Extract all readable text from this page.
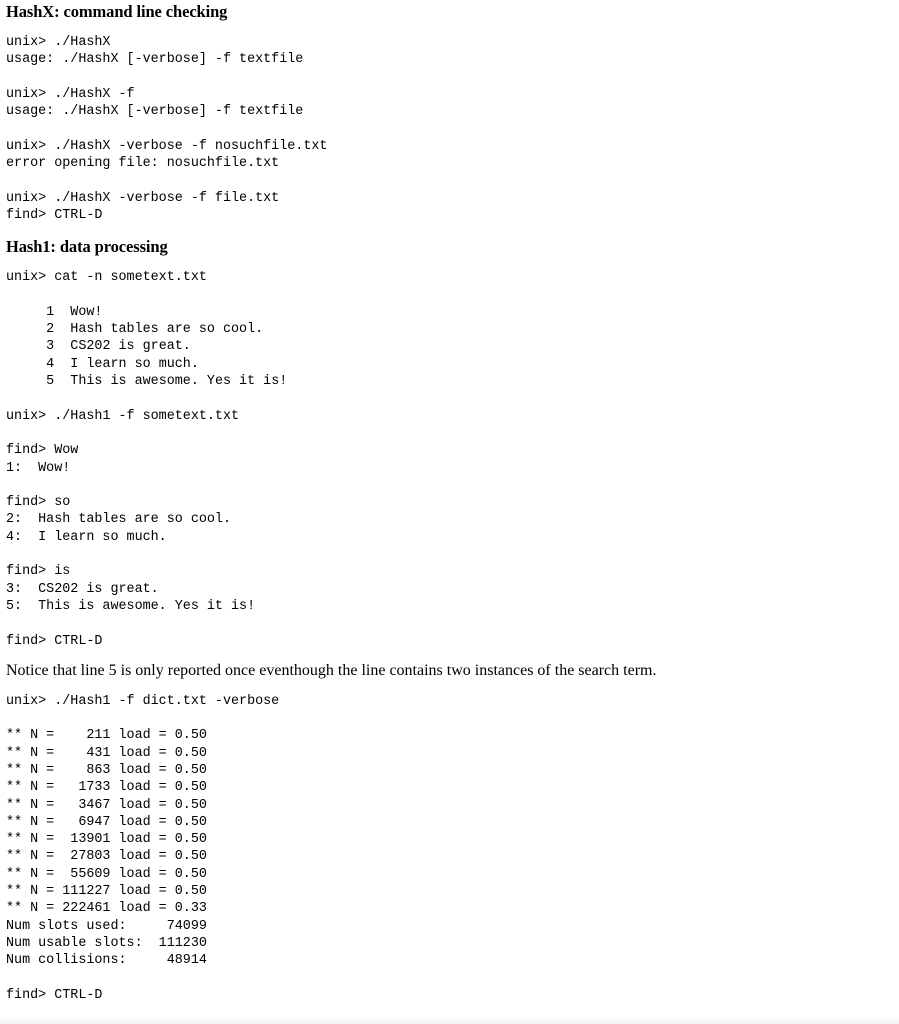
HashX: command line checking
unix> ./HashX
usage: ./HashX [-verbose] -f textfile
unix> ./HashX -f
usage: ./HashX [-verbose] -f textfile
unix> ./HashX -verbose -f nosuchfile.txt
error opening file: nosuchfile.txt
unix> ./HashX -verbose -f file.txt
find> CTRL-D
Hash1: data processing
unix> cat -n sometext.txt
1	Wow!
2	Hash tables are so cool.
3	CS202 is great.
4	I learn so much.
5	This is awesome. Yes it is!
unix> ./Hash1 -f sometext.txt
find> Wow
1:  Wow!
find> so
2:  Hash tables are so cool.
4:  I learn so much.
find> is
3:  CS202 is great.
5:  This is awesome. Yes it is!
find> CTRL-D

Notice that line 5 is only reported once eventhough the line contains two instances of the search term.

unix> ./Hash1 -f dict.txt -verbose
** N =    211 load = 0.50
** N =    431 load = 0.50
** N =    863 load = 0.50
** N =   1733 load = 0.50
** N =   3467 load = 0.50
** N =   6947 load = 0.50
** N =  13901 load = 0.50
** N =  27803 load = 0.50
** N =  55609 load = 0.50
** N = 111227 load = 0.50
** N = 222461 load = 0.33
Num slots used:     74099
Num usable slots:  111230
Num collisions:     48914
find> CTRL-D
